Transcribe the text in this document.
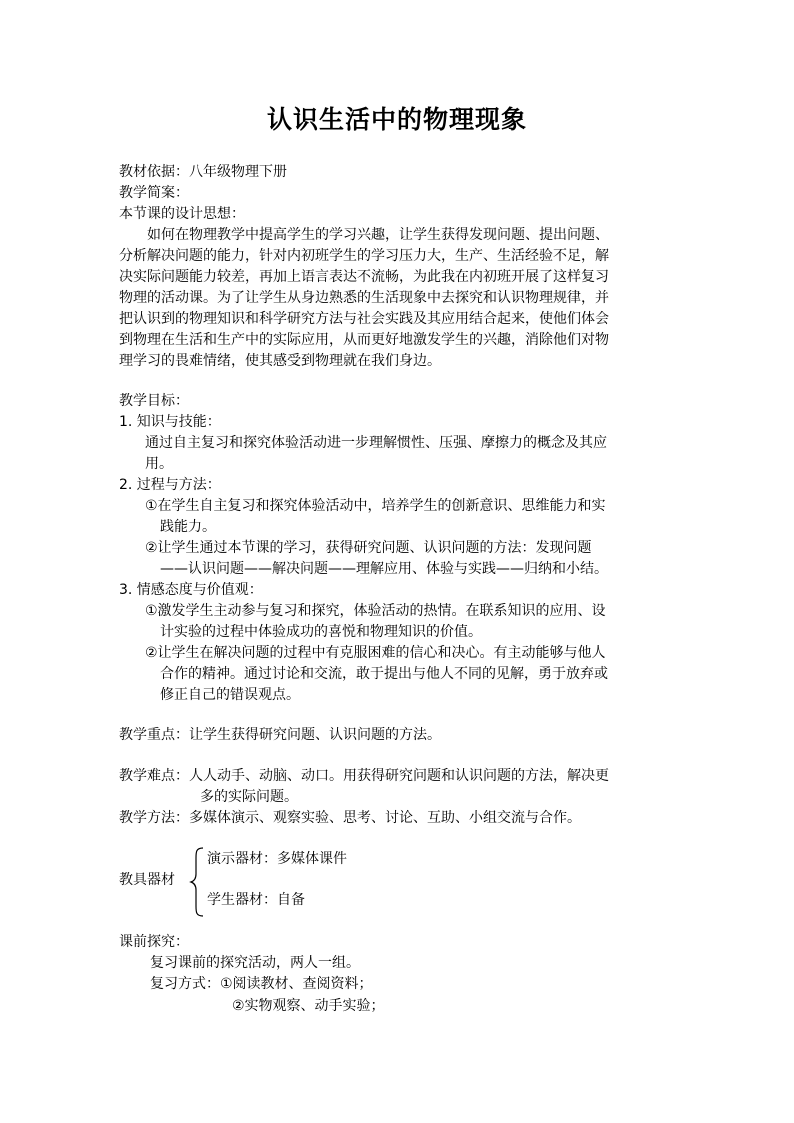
认识生活中的物理现象
教材依据：八年级物理下册
教学简案：
本节课的设计思想：
如何在物理教学中提高学生的学习兴趣，让学生获得发现问题、提出问题、
分析解决问题的能力，针对内初班学生的学习压力大，生产、生活经验不足，解
决实际问题能力较差，再加上语言表达不流畅，为此我在内初班开展了这样复习
物理的活动课。为了让学生从身边熟悉的生活现象中去探究和认识物理规律，并
把认识到的物理知识和科学研究方法与社会实践及其应用结合起来，使他们体会
到物理在生活和生产中的实际应用，从而更好地激发学生的兴趣，消除他们对物
理学习的畏难情绪，使其感受到物理就在我们身边。
教学目标：
1. 知识与技能：
通过自主复习和探究体验活动进一步理解惯性、压强、摩擦力的概念及其应
用。
2. 过程与方法：
①在学生自主复习和探究体验活动中，培养学生的创新意识、思维能力和实
践能力。
②让学生通过本节课的学习，获得研究问题、认识问题的方法：发现问题
——认识问题——解决问题——理解应用、体验与实践——归纳和小结。
3. 情感态度与价值观：
①激发学生主动参与复习和探究，体验活动的热情。在联系知识的应用、设
计实验的过程中体验成功的喜悦和物理知识的价值。
②让学生在解决问题的过程中有克服困难的信心和决心。有主动能够与他人
合作的精神。通过讨论和交流，敢于提出与他人不同的见解，勇于放弃或
修正自己的错误观点。
教学重点：让学生获得研究问题、认识问题的方法。
教学难点：人人动手、动脑、动口。用获得研究问题和认识问题的方法，解决更
多的实际问题。
教学方法：多媒体演示、观察实验、思考、讨论、互助、小组交流与合作。
教具器材
演示器材：多媒体课件
学生器材：自备
课前探究：
复习课前的探究活动，两人一组。
复习方式：①阅读教材、查阅资料；
②实物观察、动手实验；
